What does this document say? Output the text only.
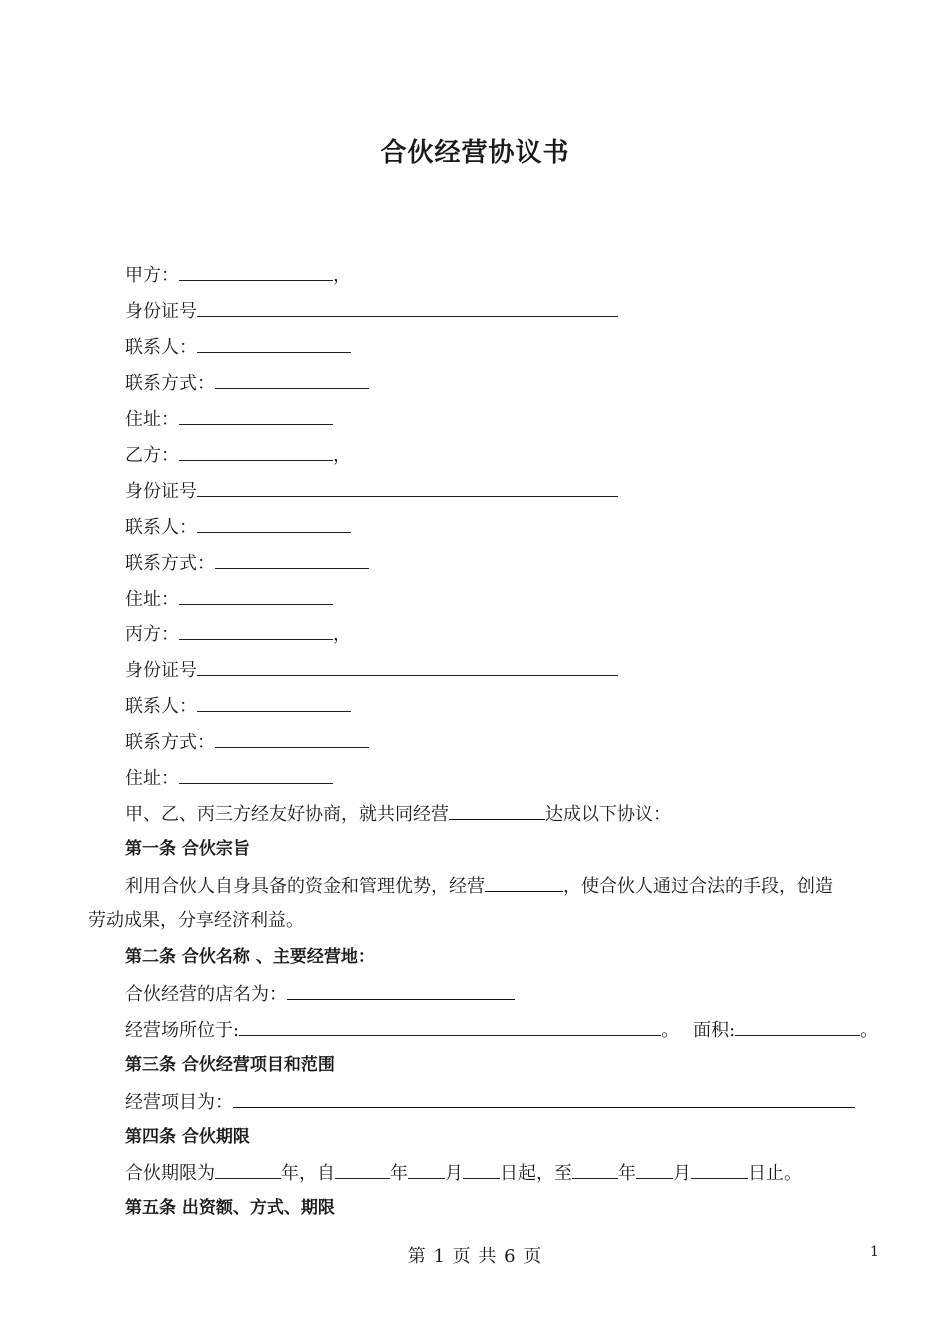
合伙经营协议书
甲方：	，
身份证号
联系人：
联系方式：
住址：
乙方：	，
身份证号
联系人：
联系方式：
住址：
丙方：	，
身份证号
联系人：
联系方式：
住址：
甲、乙、丙三方经友好协商，就共同经营	达成以下协议：
第一条 合伙宗旨
利用合伙人自身具备的资金和管理优势，经营	，使合伙人通过合法的手段，创造
劳动成果，分享经济利益。
第二条 合伙名称 、主要经营地：
合伙经营的店名为：
经营场所位于:	。 面积:	。
第三条 合伙经营项目和范围
经营项目为：
第四条 合伙期限
合伙期限为	年，自	年 月 日起，至	年 月	日止。
第五条 出资额、方式、期限
第 1 页 共 6 页	1
